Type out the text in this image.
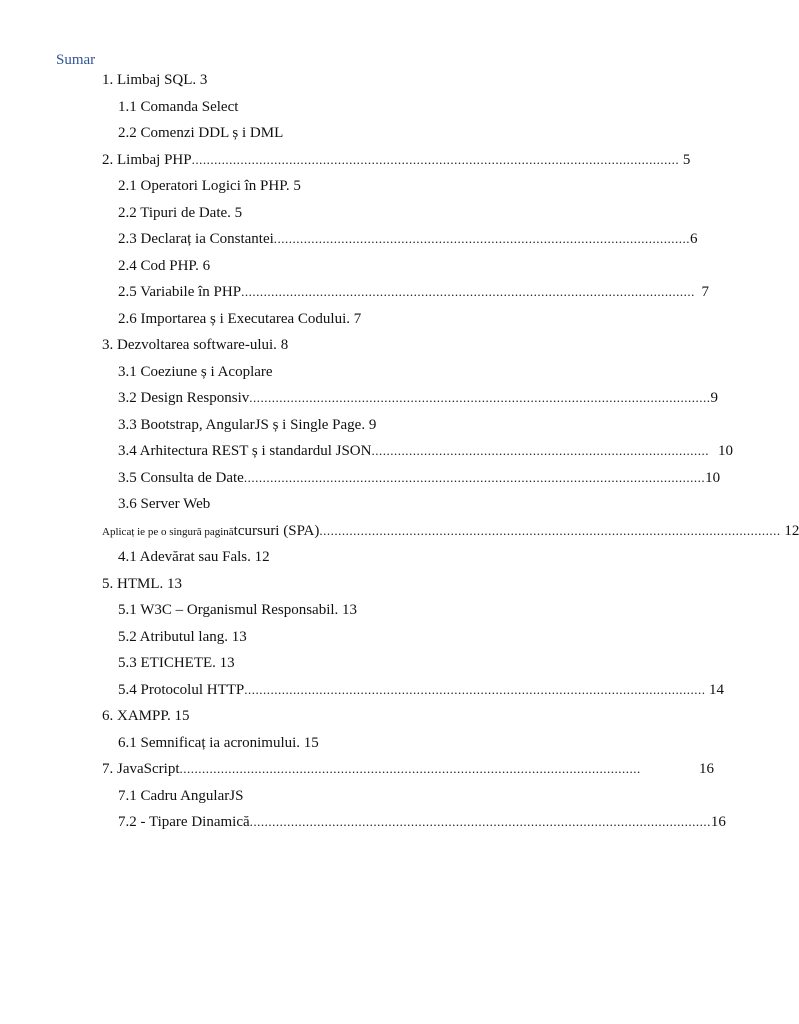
Sumar
1. Limbaj SQL. 3
1.1 Comanda Select
2.2 Comenzi DDL ș i DML
2. Limbaj PHP .................................................................................................................................. 5
2.1 Operatori Logici în PHP. 5
2.2 Tipuri de Date. 5
2.3 Declaraț ia Constantei ............................................................................................................... 6
2.4 Cod PHP. 6
2.5 Variabile în PHP ......................................................................................................................... 7
2.6 Importarea ș i Executarea Codului. 7
3. Dezvoltarea software-ului. 8
3.1 Coeziune ș i Acoplare
3.2 Design Responsiv ........................................................................................................................... 9
3.3 Bootstrap, AngularJS ș i Single Page. 9
3.4 Arhitectura REST ș i standardul JSON .......................................................................................... 10
3.5 Consulta de Date ........................................................................................................................... 10
3.6 Server Web
Aplicaț ie pe o singură pagină tcursuri (SPA) ........................................................................................................................... 12
4.1 Adevărat sau Fals. 12
5. HTML. 13
5.1 W3C – Organismul Responsabil. 13
5.2 Atributul lang. 13
5.3 ETICHETE. 13
5.4 Protocolul HTTP ........................................................................................................................... 14
6. XAMPP. 15
6.1 Semnificaț ia acronimului. 15
7. JavaScript ...........................................................................................................................	16
7.1 Cadru AngularJS
7.2 - Tipare Dinamică ........................................................................................................................... 16
